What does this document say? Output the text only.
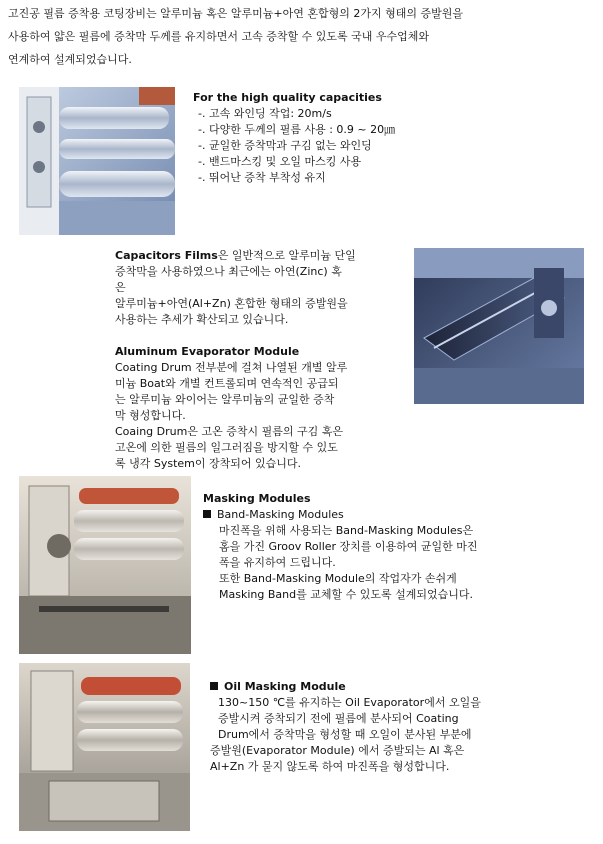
고진공 필름 증착용 코팅장비는 알루미늄 혹은 알루미늄+아연 혼합형의 2가지 형태의 증발원을
사용하여 얇은 필름에 증착막 두께를 유지하면서 고속 증착할 수 있도록 국내 우수업체와
연계하여 설계되었습니다.
For the high quality capacities
-. 고속 와인딩 작업: 20m/s
-. 다양한 두께의 필름 사용 : 0.9 ~ 20㎛
-. 균일한 증착막과 구김 없는 와인딩
-. 밴드마스킹 및 오일 마스킹 사용
-. 뛰어난 증착 부착성 유지
Capacitors Films은 일반적으로 알루미늄 단일
증착막을 사용하였으나 최근에는 아연(Zinc) 혹
은
알루미늄+아연(Al+Zn) 혼합한 형태의 증발원을
사용하는 추세가 확산되고 있습니다.
Aluminum Evaporator Module
Coating Drum 전부분에 걸쳐 나열된 개별 알루
미늄 Boat와 개별 컨트롤되며 연속적인 공급되
는 알루미늄 와이어는 알루미늄의 균일한 증착
막 형성합니다.
Coaing Drum은 고온 증착시 필름의 구김 혹은
고온에 의한 필름의 일그러짐을 방지할 수 있도
록 냉각 System이 장착되어 있습니다.
Masking Modules
Band-Masking Modules
마진폭을 위해 사용되는 Band-Masking Modules은
홈을 가진 Groov Roller 장치를 이용하여 균일한 마진
폭을 유지하여 드립니다.
또한 Band-Masking Module의 작업자가 손쉬게
Masking Band를 교체할 수 있도록 설계되었습니다.
Oil Masking Module
130~150 ℃를 유지하는 Oil Evaporator에서 오일을
증발시켜 증착되기 전에 필름에 분사되어 Coating
Drum에서 증착막을 형성할 때 오일이 분사된 부분에
증발원(Evaporator Module) 에서 증발되는 Al 혹은
Al+Zn 가 묻지 않도록 하여 마진폭을 형성합니다.
